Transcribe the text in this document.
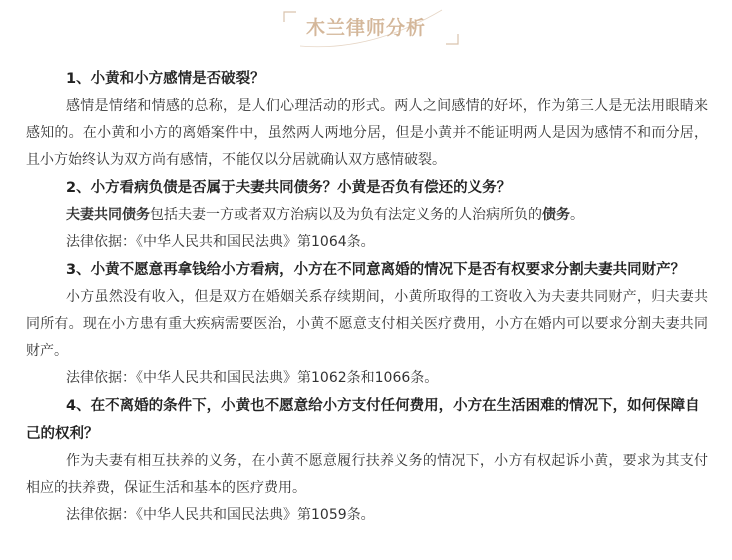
木兰律师分析

1、小黄和小方感情是否破裂？

感情是情绪和情感的总称，是人们心理活动的形式。两人之间感情的好坏，作为第三人是无法用眼睛来感知的。在小黄和小方的离婚案件中，虽然两人两地分居，但是小黄并不能证明两人是因为感情不和而分居，且小方始终认为双方尚有感情，不能仅以分居就确认双方感情破裂。

2、小方看病负债是否属于夫妻共同债务？小黄是否负有偿还的义务？

夫妻共同债务包括夫妻一方或者双方治病以及为负有法定义务的人治病所负的债务。

法律依据：《中华人民共和国民法典》第1064条。

3、小黄不愿意再拿钱给小方看病，小方在不同意离婚的情况下是否有权要求分割夫妻共同财产？

小方虽然没有收入，但是双方在婚姻关系存续期间，小黄所取得的工资收入为夫妻共同财产，归夫妻共同所有。现在小方患有重大疾病需要医治，小黄不愿意支付相关医疗费用，小方在婚内可以要求分割夫妻共同财产。

法律依据：《中华人民共和国民法典》第1062条和1066条。

4、在不离婚的条件下，小黄也不愿意给小方支付任何费用，小方在生活困难的情况下，如何保障自己的权利？

作为夫妻有相互扶养的义务，在小黄不愿意履行扶养义务的情况下，小方有权起诉小黄，要求为其支付相应的扶养费，保证生活和基本的医疗费用。

法律依据：《中华人民共和国民法典》第1059条。
